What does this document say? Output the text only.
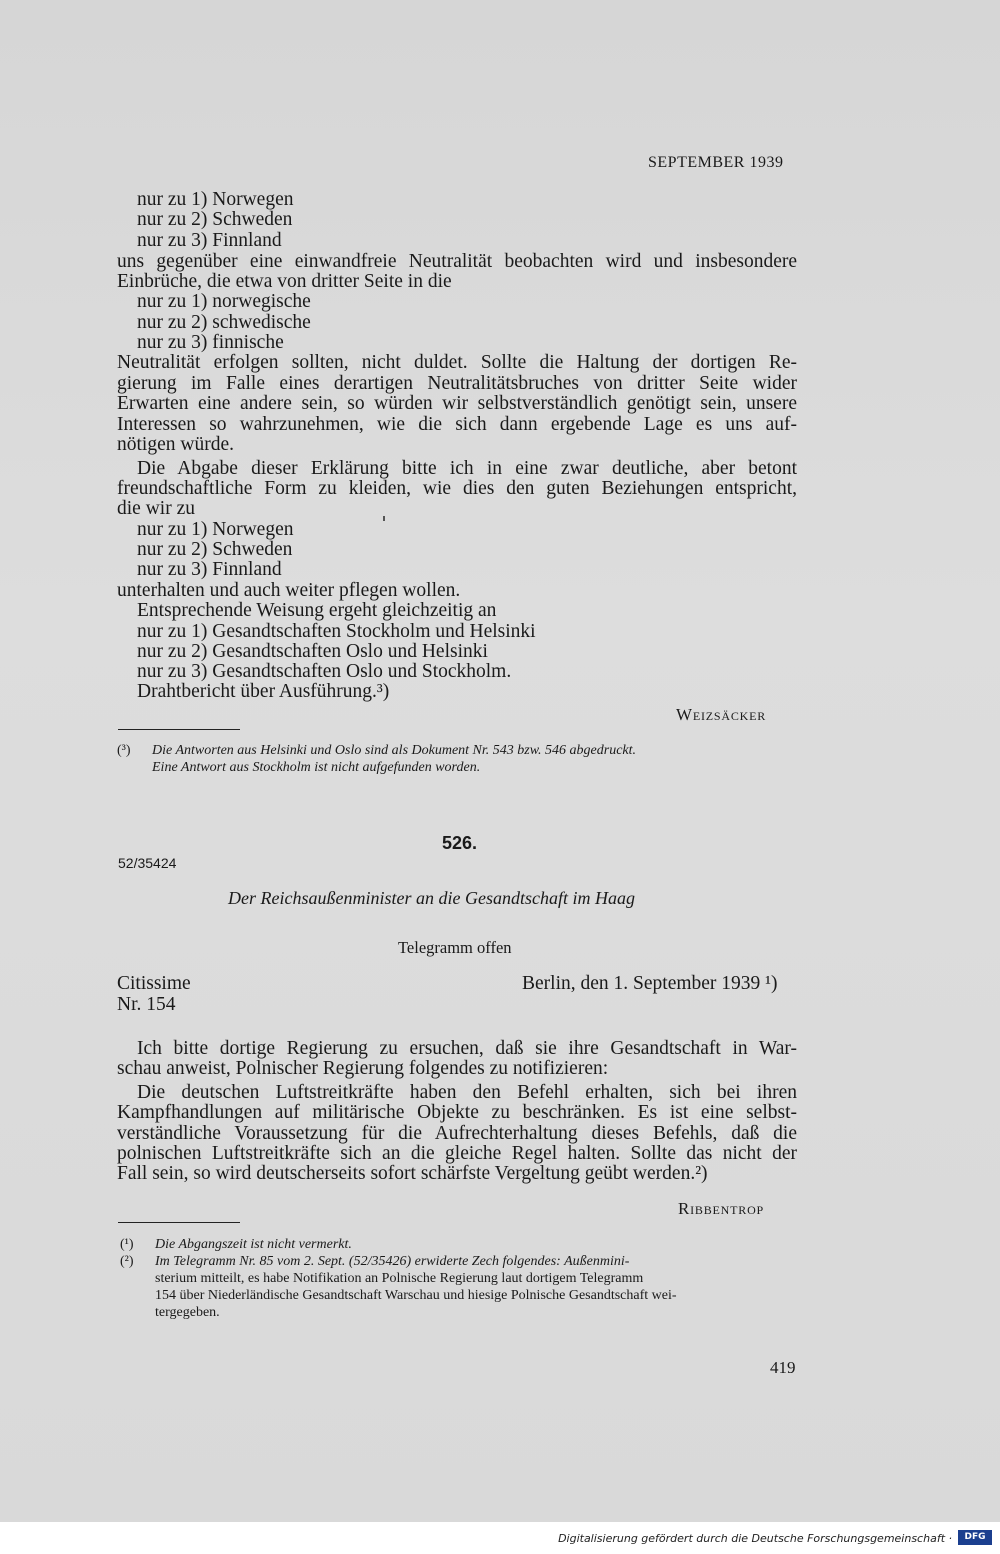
SEPTEMBER 1939
nur zu 1) Norwegen
nur zu 2) Schweden
nur zu 3) Finnland
uns gegenüber eine einwandfreie Neutralität beobachten wird und insbesondere
Einbrüche, die etwa von dritter Seite in die
nur zu 1) norwegische
nur zu 2) schwedische
nur zu 3) finnische
Neutralität erfolgen sollten, nicht duldet. Sollte die Haltung der dortigen Re-
gierung im Falle eines derartigen Neutralitätsbruches von dritter Seite wider
Erwarten eine andere sein, so würden wir selbstverständlich genötigt sein, unsere
Interessen so wahrzunehmen, wie die sich dann ergebende Lage es uns auf-
nötigen würde.
Die Abgabe dieser Erklärung bitte ich in eine zwar deutliche, aber betont
freundschaftliche Form zu kleiden, wie dies den guten Beziehungen entspricht,
die wir zu
nur zu 1) Norwegen
nur zu 2) Schweden
nur zu 3) Finnland
unterhalten und auch weiter pflegen wollen.
Entsprechende Weisung ergeht gleichzeitig an
nur zu 1) Gesandtschaften Stockholm und Helsinki
nur zu 2) Gesandtschaften Oslo und Helsinki
nur zu 3) Gesandtschaften Oslo und Stockholm.
Drahtbericht über Ausführung.³)
Weizsäcker
(³) Die Antworten aus Helsinki und Oslo sind als Dokument Nr. 543 bzw. 546 abgedruckt.
Eine Antwort aus Stockholm ist nicht aufgefunden worden.
526.
52/35424
Der Reichsaußenminister an die Gesandtschaft im Haag
Telegramm offen
Citissime
Nr. 154
Berlin, den 1. September 1939 ¹)
Ich bitte dortige Regierung zu ersuchen, daß sie ihre Gesandtschaft in War-
schau anweist, Polnischer Regierung folgendes zu notifizieren:
Die deutschen Luftstreitkräfte haben den Befehl erhalten, sich bei ihren
Kampfhandlungen auf militärische Objekte zu beschränken. Es ist eine selbst-
verständliche Voraussetzung für die Aufrechterhaltung dieses Befehls, daß die
polnischen Luftstreitkräfte sich an die gleiche Regel halten. Sollte das nicht der
Fall sein, so wird deutscherseits sofort schärfste Vergeltung geübt werden.²)
Ribbentrop
(¹) Die Abgangszeit ist nicht vermerkt.
(²) Im Telegramm Nr. 85 vom 2. Sept. (52/35426) erwiderte Zech folgendes: Außenmini-
sterium mitteilt, es habe Notifikation an Polnische Regierung laut dortigem Telegramm
154 über Niederländische Gesandtschaft Warschau und hiesige Polnische Gesandtschaft wei-
tergegeben.
419
Digitalisierung gefördert durch die Deutsche Forschungsgemeinschaft ·	DFG
